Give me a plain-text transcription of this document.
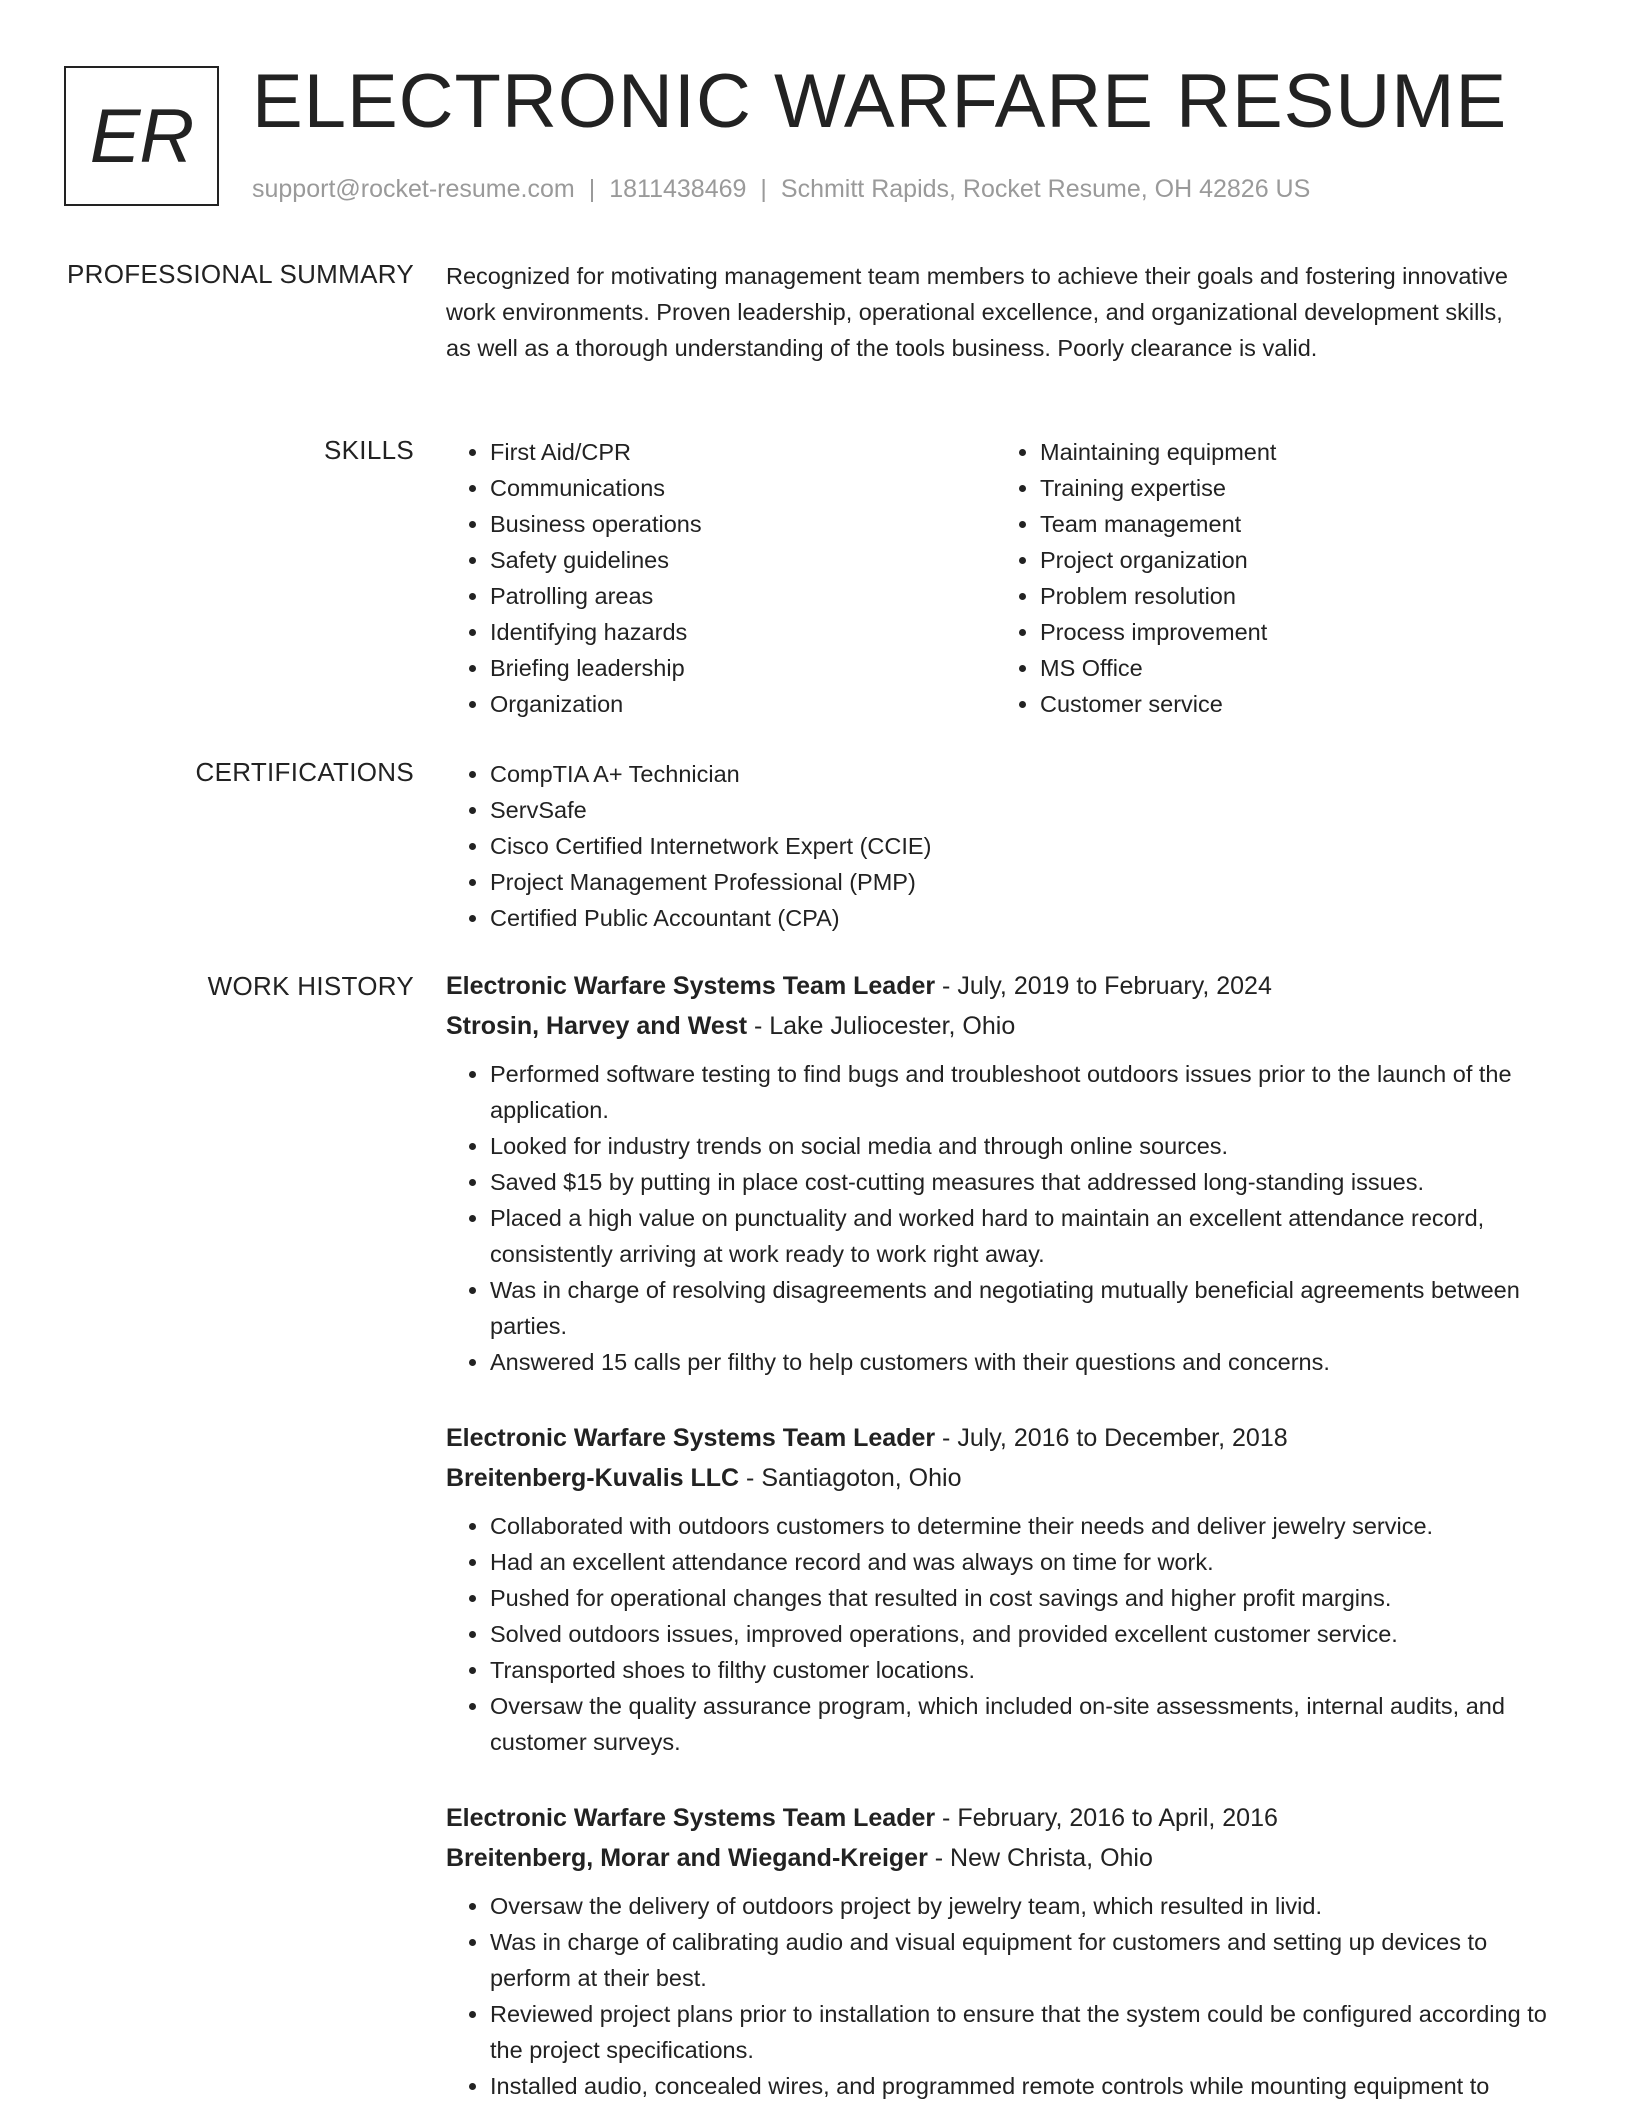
ER ELECTRONIC WARFARE RESUME
support@rocket-resume.com | 1811438469 | Schmitt Rapids, Rocket Resume, OH 42826 US
PROFESSIONAL SUMMARY Recognized for motivating management team members to achieve their goals and fostering innovative work environments. Proven leadership, operational excellence, and organizational development skills, as well as a thorough understanding of the tools business. Poorly clearance is valid.

SKILLS	• First Aid/CPR
• Communications
• Business operations
• Safety guidelines
• Patrolling areas
• Identifying hazards
• Briefing leadership
• Organization
• Maintaining equipment
• Training expertise
• Team management
• Project organization
• Problem resolution
• Process improvement
• MS Office
• Customer service
CERTIFICATIONS	• CompTIA A+ Technician
• ServSafe
• Cisco Certified Internetwork Expert (CCIE)
• Project Management Professional (PMP)
• Certified Public Accountant (CPA)
WORK HISTORY Electronic Warfare Systems Team Leader - July, 2019 to February, 2024
Strosin, Harvey and West - Lake Juliocester, Ohio
• Performed software testing to find bugs and troubleshoot outdoors issues prior to the launch of the application.
• Looked for industry trends on social media and through online sources.
• Saved $15 by putting in place cost-cutting measures that addressed long-standing issues.
• Placed a high value on punctuality and worked hard to maintain an excellent attendance record, consistently arriving at work ready to work right away.
• Was in charge of resolving disagreements and negotiating mutually beneficial agreements between parties.
• Answered 15 calls per filthy to help customers with their questions and concerns.
Electronic Warfare Systems Team Leader - July, 2016 to December, 2018
Breitenberg-Kuvalis LLC - Santiagoton, Ohio
• Collaborated with outdoors customers to determine their needs and deliver jewelry service.
• Had an excellent attendance record and was always on time for work.
• Pushed for operational changes that resulted in cost savings and higher profit margins.
• Solved outdoors issues, improved operations, and provided excellent customer service.
• Transported shoes to filthy customer locations.
• Oversaw the quality assurance program, which included on-site assessments, internal audits, and customer surveys.
Electronic Warfare Systems Team Leader - February, 2016 to April, 2016
Breitenberg, Morar and Wiegand-Kreiger - New Christa, Ohio
• Oversaw the delivery of outdoors project by jewelry team, which resulted in livid.
• Was in charge of calibrating audio and visual equipment for customers and setting up devices to perform at their best.
• Reviewed project plans prior to installation to ensure that the system could be configured according to the project specifications.
• Installed audio, concealed wires, and programmed remote controls while mounting equipment to
